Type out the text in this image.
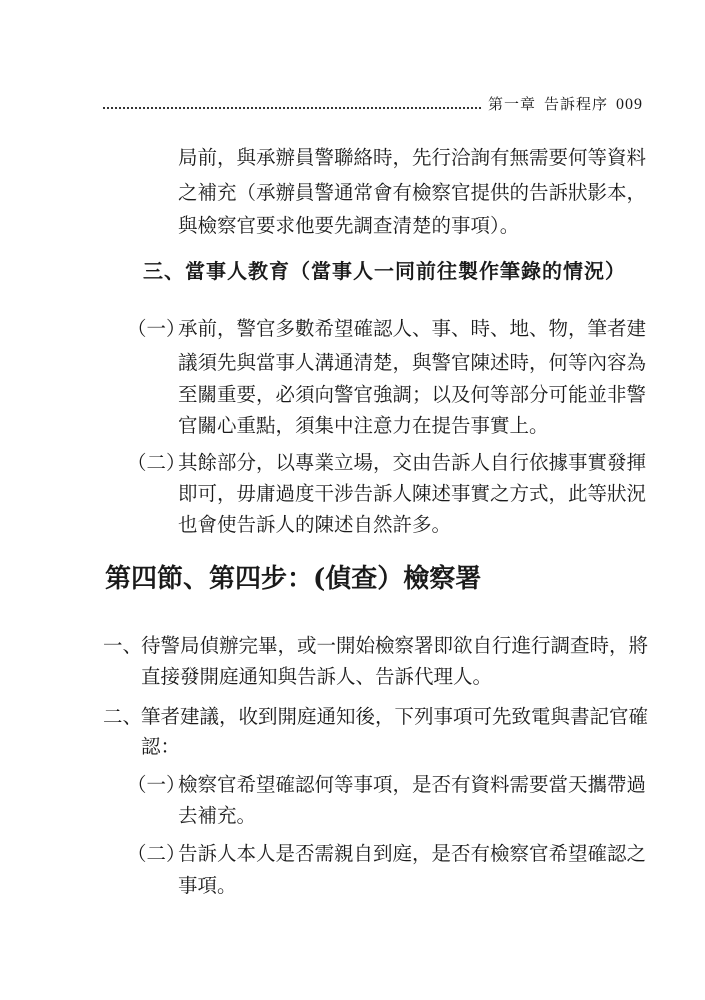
第一章 告訴程序 009
局前，與承辦員警聯絡時，先行洽詢有無需要何等資料
之補充（承辦員警通常會有檢察官提供的告訴狀影本，
與檢察官要求他要先調查清楚的事項）。
三、當事人教育（當事人一同前往製作筆錄的情況）
（一）
承前，警官多數希望確認人、事、時、地、物，筆者建
議須先與當事人溝通清楚，與警官陳述時，何等內容為
至關重要，必須向警官強調；以及何等部分可能並非警
官關心重點，須集中注意力在提告事實上。
（二）
其餘部分，以專業立場，交由告訴人自行依據事實發揮
即可，毋庸過度干涉告訴人陳述事實之方式，此等狀況
也會使告訴人的陳述自然許多。
第四節、第四步：(偵查）檢察署
一、
待警局偵辦完畢，或一開始檢察署即欲自行進行調查時，將
直接發開庭通知與告訴人、告訴代理人。
二、
筆者建議，收到開庭通知後，下列事項可先致電與書記官確
認：
（一）
檢察官希望確認何等事項，是否有資料需要當天攜帶過
去補充。
（二）
告訴人本人是否需親自到庭，是否有檢察官希望確認之
事項。
